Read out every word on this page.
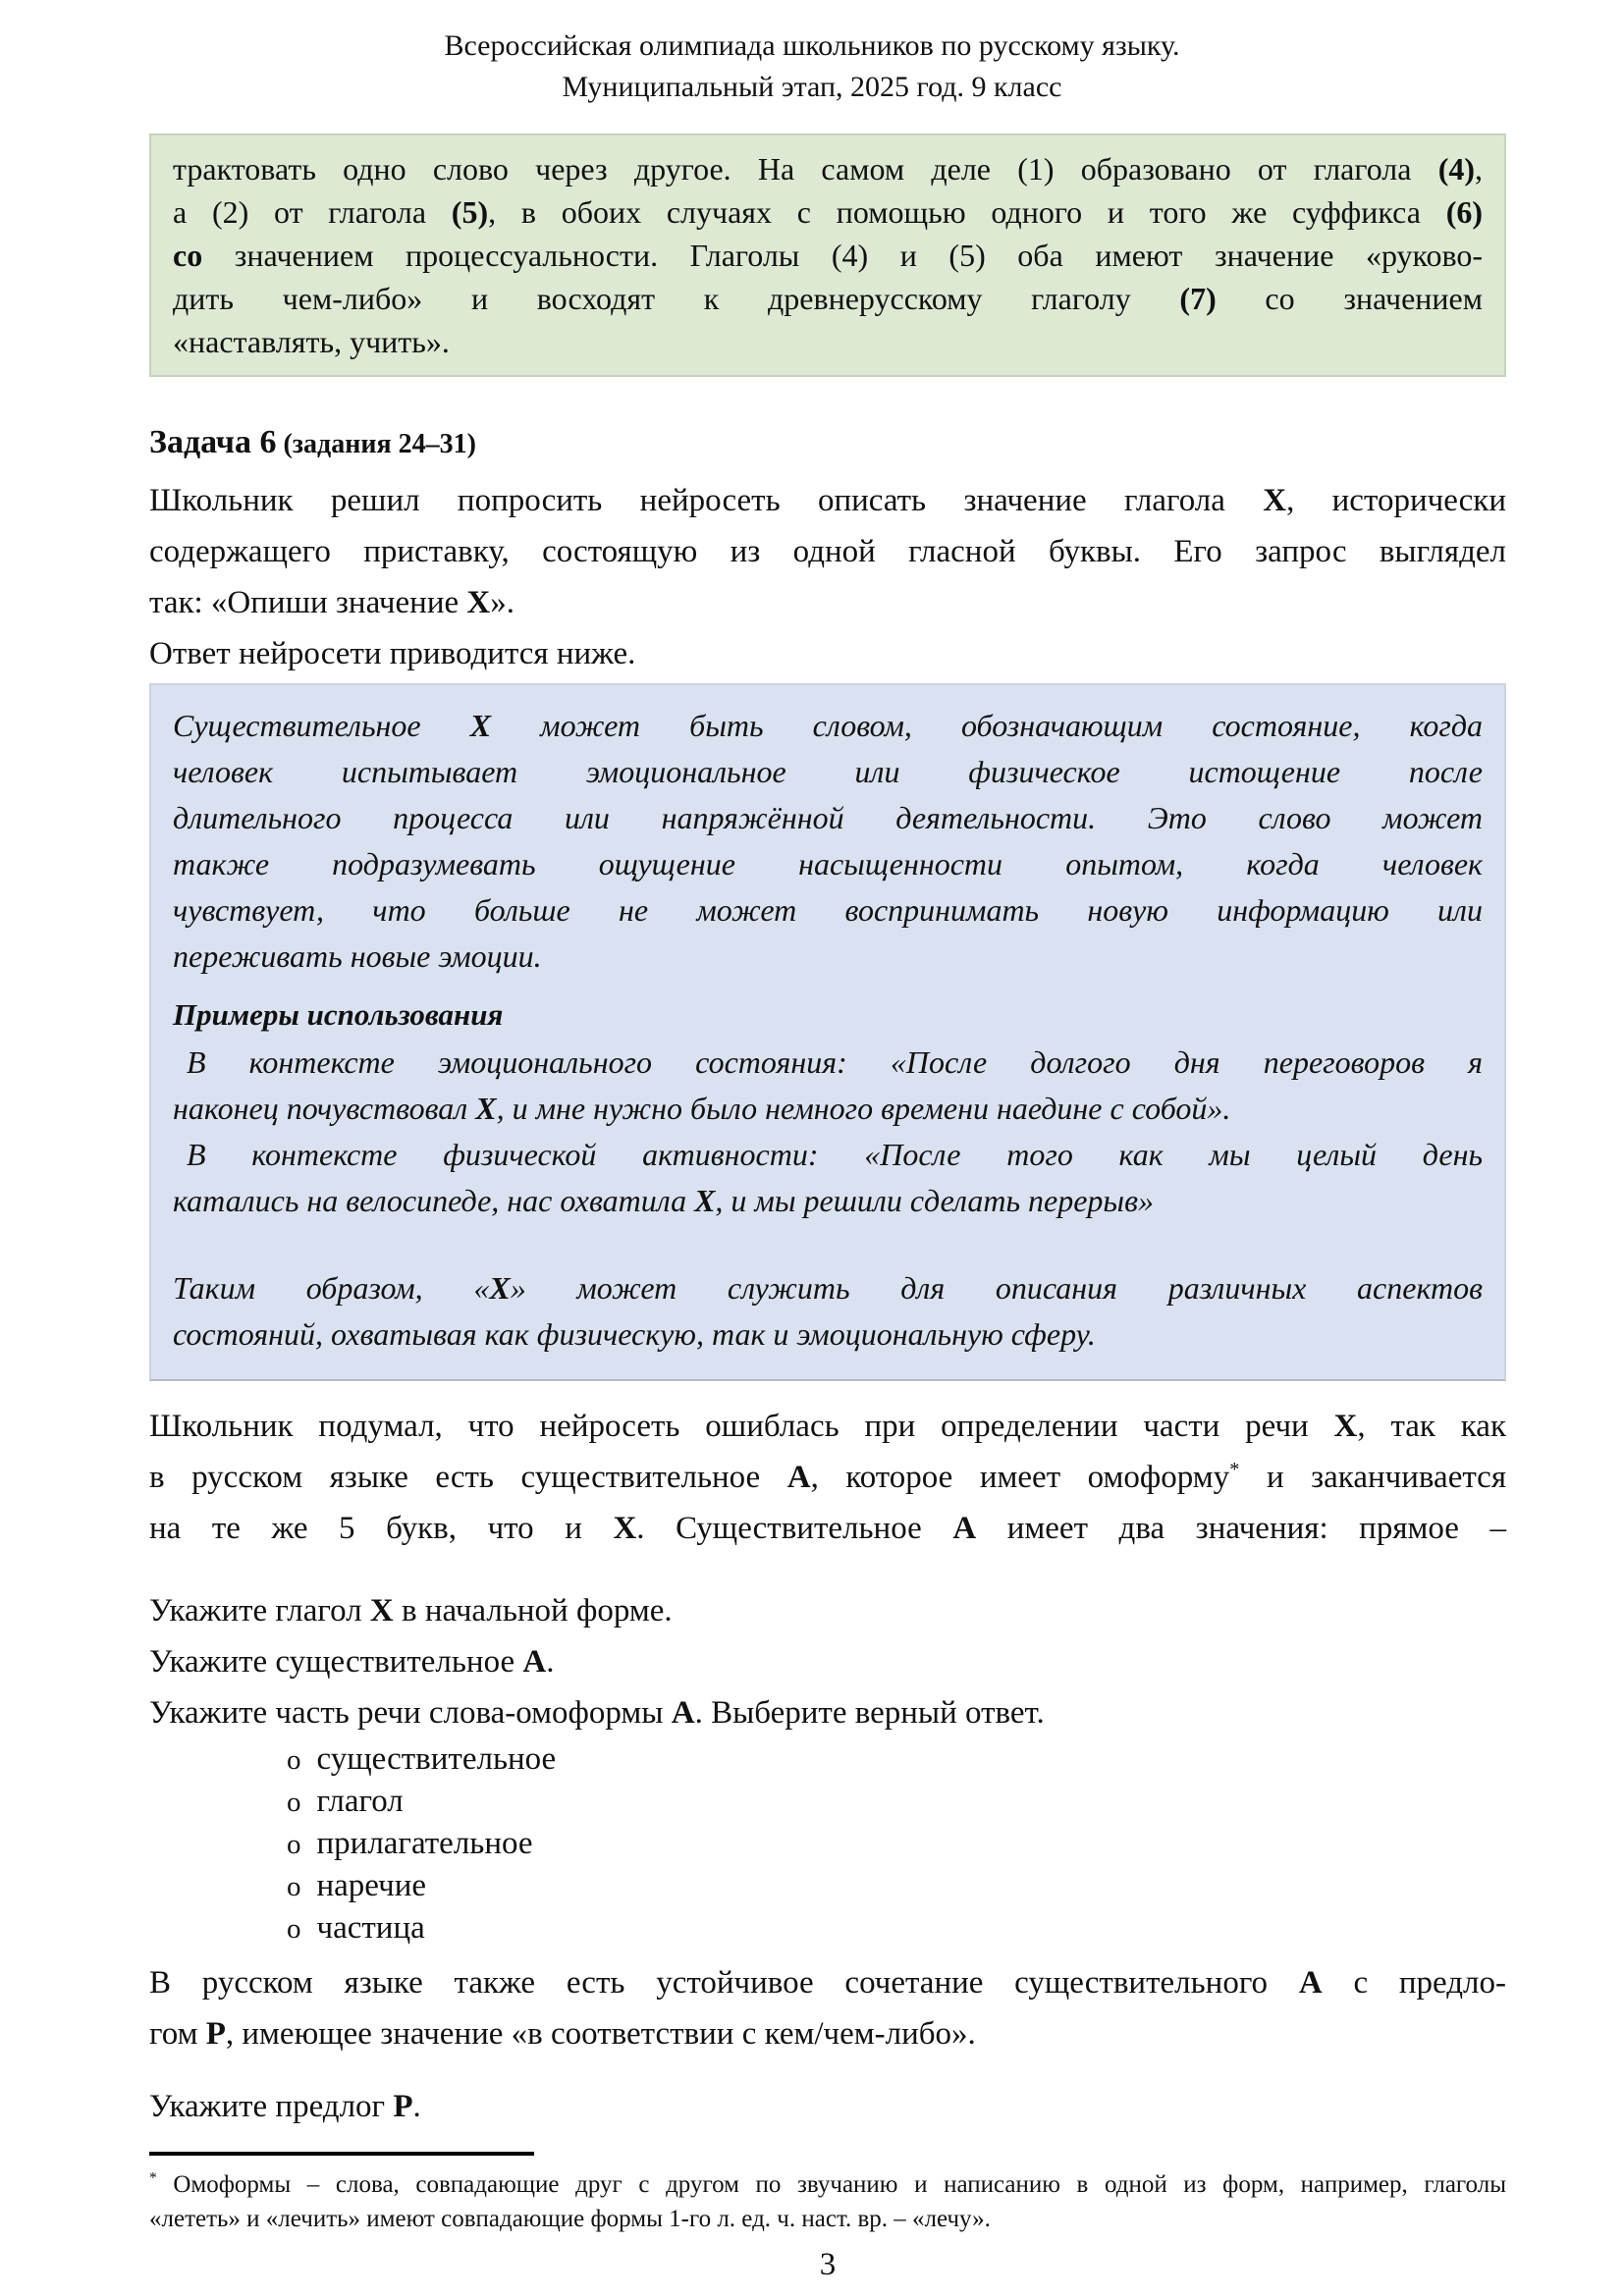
Всероссийская олимпиада школьников по русскому языку.
Муниципальный этап, 2025 год. 9 класс
трактовать одно слово через другое. На самом деле (1) образовано от глагола (4),
а (2) от глагола (5), в обоих случаях с помощью одного и того же суффикса (6)
со значением процессуальности. Глаголы (4) и (5) оба имеют значение «руково-
дить чем-либо» и восходят к древнерусскому глаголу (7) со значением
«наставлять, учить».
Задача 6 (задания 24–31)
Школьник решил попросить нейросеть описать значение глагола Х, исторически
содержащего приставку, состоящую из одной гласной буквы. Его запрос выглядел
так: «Опиши значение Х».
Ответ нейросети приводится ниже.
Существительное Х может быть словом, обозначающим состояние, когда
человек испытывает эмоциональное или физическое истощение после
длительного процесса или напряжённой деятельности. Это слово может
также подразумевать ощущение насыщенности опытом, когда человек
чувствует, что больше не может воспринимать новую информацию или
переживать новые эмоции.
Примеры использования
В контексте эмоционального состояния: «После долгого дня переговоров я
наконец почувствовал Х, и мне нужно было немного времени наедине с собой».
В контексте физической активности: «После того как мы целый день
катались на велосипеде, нас охватила Х, и мы решили сделать перерыв»
Таким образом, «Х» может служить для описания различных аспектов
состояний, охватывая как физическую, так и эмоциональную сферу.
Школьник подумал, что нейросеть ошиблась при определении части речи Х, так как
в русском языке есть существительное А, которое имеет омоформу* и заканчивается
на те же 5 букв, что и Х. Существительное А имеет два значения: прямое –
Укажите глагол Х в начальной форме.
Укажите существительное А.
Укажите часть речи слова-омоформы А. Выберите верный ответ.
o существительное
o глагол
o прилагательное
o наречие
o частица
В русском языке также есть устойчивое сочетание существительного А с предло-
гом Р, имеющее значение «в соответствии с кем/чем-либо».
Укажите предлог Р.
* Омоформы – слова, совпадающие друг с другом по звучанию и написанию в одной из форм, например, глаголы
«лететь» и «лечить» имеют совпадающие формы 1-го л. ед. ч. наст. вр. – «лечу».
3
